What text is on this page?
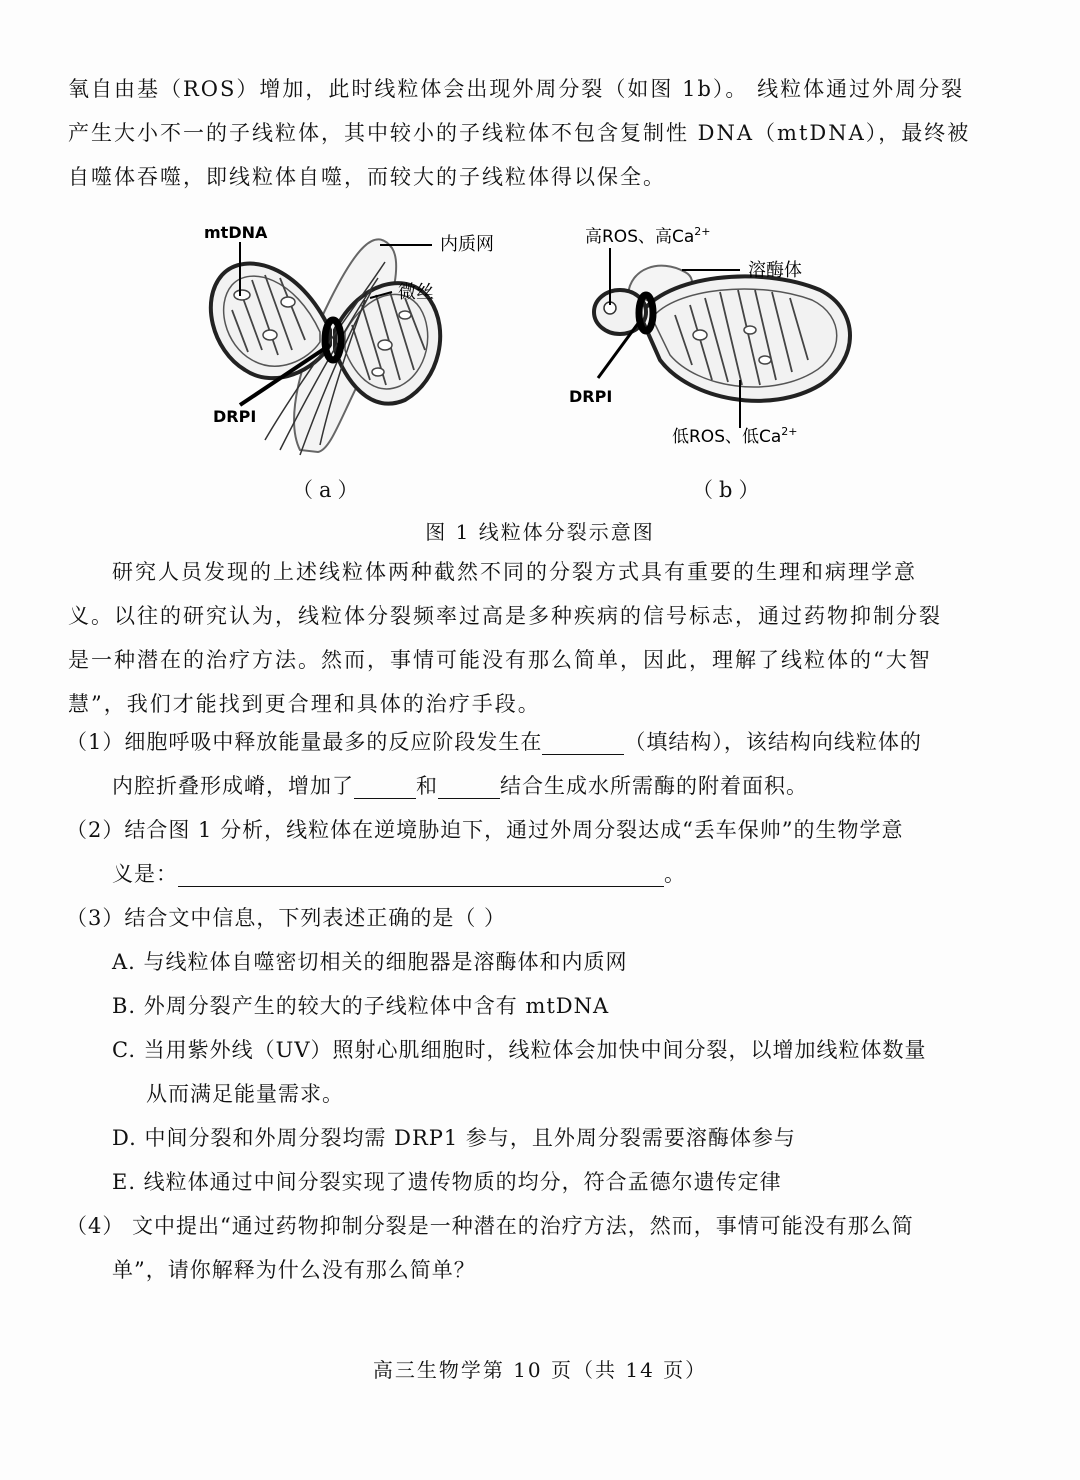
氧自由基（ROS）增加，此时线粒体会出现外周分裂（如图 1b）。 线粒体通过外周分裂
产生大小不一的子线粒体，其中较小的子线粒体不包含复制性 DNA（mtDNA），最终被
自噬体吞噬，即线粒体自噬，而较大的子线粒体得以保全。
mtDNA
内质网
微丝
DRPI
高ROS、高$Ca^{2+}$
溶酶体
DRPI
低ROS、低$Ca^{2+}$
（a）	（b）
图 1 线粒体分裂示意图
研究人员发现的上述线粒体两种截然不同的分裂方式具有重要的生理和病理学意
义。以往的研究认为，线粒体分裂频率过高是多种疾病的信号标志，通过药物抑制分裂
是一种潜在的治疗方法。然而，事情可能没有那么简单，因此，理解了线粒体的“大智
慧”，我们才能找到更合理和具体的治疗手段。
（1）细胞呼吸中释放能量最多的反应阶段发生在	（填结构），该结构向线粒体的
内腔折叠形成嵴，增加了	和	结合生成水所需酶的附着面积。
（2）结合图 1 分析，线粒体在逆境胁迫下，通过外周分裂达成“丢车保帅”的生物学意
义是：	。
（3）结合文中信息，下列表述正确的是（ ）
A. 与线粒体自噬密切相关的细胞器是溶酶体和内质网
B. 外周分裂产生的较大的子线粒体中含有 mtDNA
C. 当用紫外线（UV）照射心肌细胞时，线粒体会加快中间分裂，以增加线粒体数量
从而满足能量需求。
D. 中间分裂和外周分裂均需 DRP1 参与，且外周分裂需要溶酶体参与
E. 线粒体通过中间分裂实现了遗传物质的均分，符合孟德尔遗传定律
（4） 文中提出“通过药物抑制分裂是一种潜在的治疗方法，然而，事情可能没有那么简
单”，请你解释为什么没有那么简单？
高三生物学第 10 页（共 14 页）
